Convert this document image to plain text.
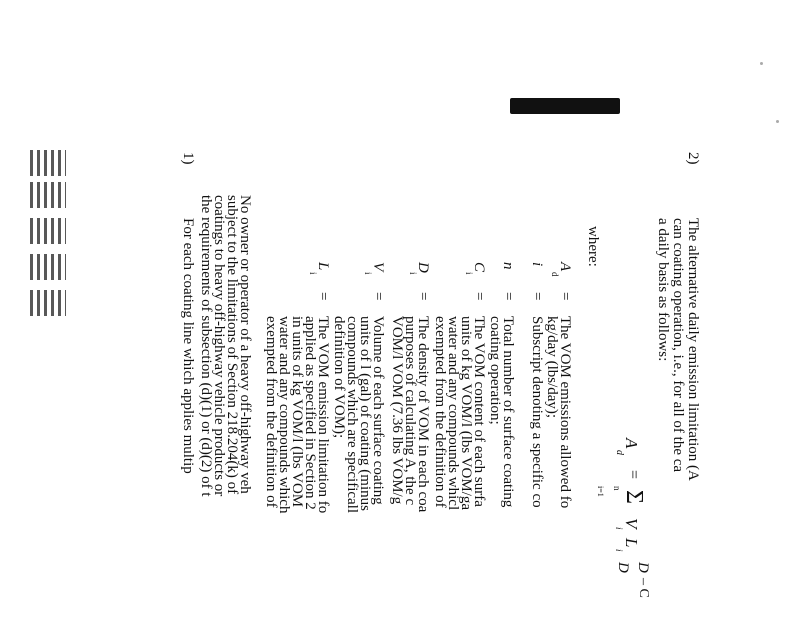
2)
The alternative daily emission limitation (A
can coating operation, i.e., for all of the ca
a daily basis as follows:
A
d
=
n
Σ
i=1
V
i
L
i
D
D
– C
where:
A
d
=
The VOM emissions allowed fo
kg/day (lbs/day);
i
=
Subscript denoting a specific co
n
=
Total number of surface coating
coating operation;
C
i
=
The VOM content of each surfa
units of kg VOM/l (lbs VOM/ga
water and any compounds whicl
exempted from the definition of
D
i
=
The density of VOM in each coa
purposes of calculating A, the c
VOM/l VOM (7.36 lbs VOM/g
V
i
=
Volume of each surface coating
units of l (gal) of coating (minus
compounds which are specificall
definition of VOM);
L
i
=
The VOM emission limitation fo
applied as specified in Section 2
in units of kg VOM/l (lbs VOM
water and any compounds which
exempted from the definition of
No owner or operator of a heavy off-highway veh
subject to the limitations of Section 218.204(k) of
coatings to heavy off-highway vehicle products or
the requirements of subsection (d)(1) or (d)(2) of t
1)
For each coating line which applies multip
